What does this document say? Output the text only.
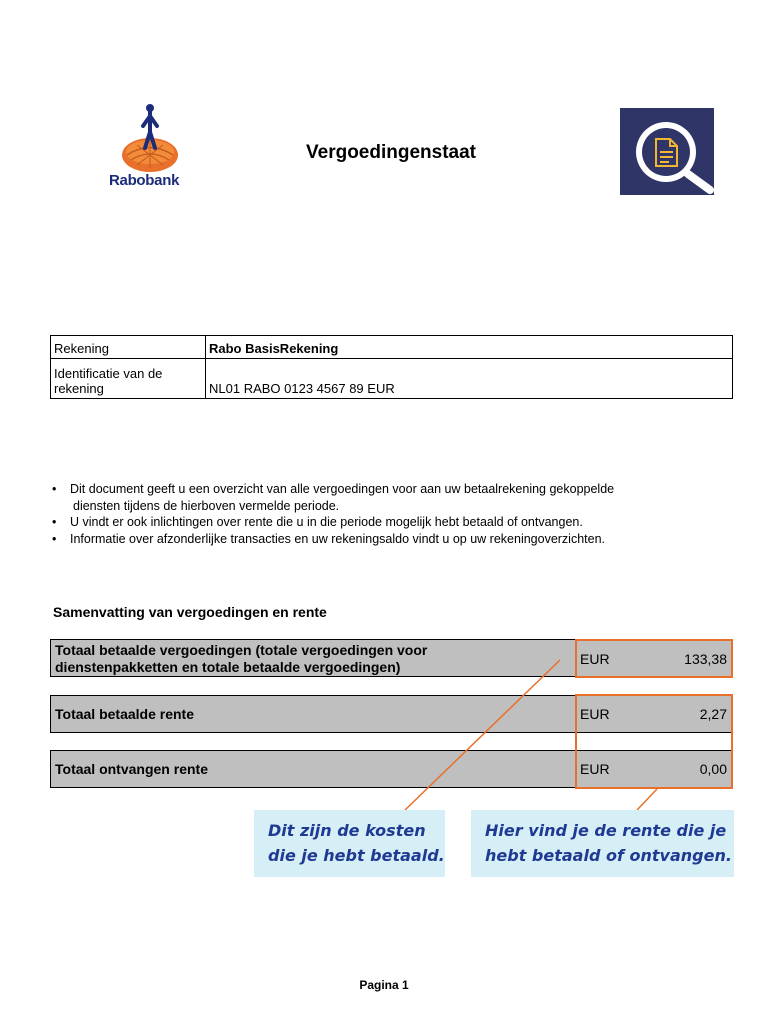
Rabobank
Vergoedingenstaat
Rekening	Rabo BasisRekening
Identificatie van de rekening	NL01 RABO 0123 4567 89 EUR
• Dit document geeft u een overzicht van alle vergoedingen voor aan uw betaalrekening gekoppelde
diensten tijdens de hierboven vermelde periode.
• U vindt er ook inlichtingen over rente die u in die periode mogelijk hebt betaald of ontvangen.
• Informatie over afzonderlijke transacties en uw rekeningsaldo vindt u op uw rekeningoverzichten.
Samenvatting van vergoedingen en rente
Totaal betaalde vergoedingen (totale vergoedingen voor
dienstenpakketten en totale betaalde vergoedingen)	EUR	133,38
Totaal betaalde rente	EUR	2,27
Totaal ontvangen rente	EUR	0,00
Dit zijn de kosten
die je hebt betaald.
Hier vind je de rente die je
hebt betaald of ontvangen.
Pagina 1
